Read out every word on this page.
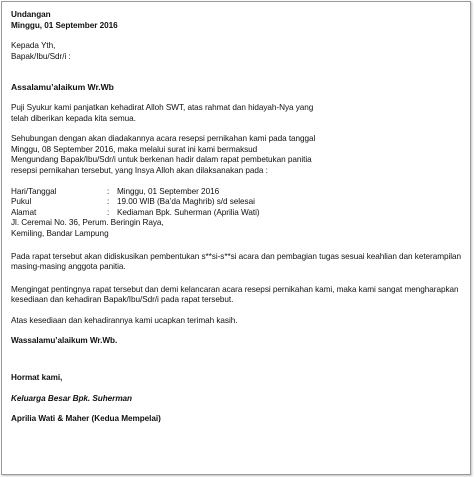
Undangan
Minggu, 01 September 2016
Kepada Yth,
Bapak/Ibu/Sdr/i :
Assalamu’alaikum Wr.Wb
Puji Syukur kami panjatkan kehadirat Alloh SWT, atas rahmat dan hidayah-Nya yang
telah diberikan kepada kita semua.
Sehubungan dengan akan diadakannya acara resepsi pernikahan kami pada tanggal
Minggu, 08 September 2016, maka melalui surat ini kami bermaksud
Mengundang Bapak/Ibu/Sdr/i untuk berkenan hadir dalam rapat pembetukan panitia
resepsi pernikahan tersebut, yang Insya Alloh akan dilaksanakan pada :
Hari/Tanggal	: Minggu, 01 September 2016
Pukul	: 19.00 WIB (Ba’da Maghrib) s/d selesai
Alamat	: Kediaman Bpk. Suherman (Aprilia Wati)
Jl. Ceremai No. 36, Perum. Beringin Raya,
Kemiling, Bandar Lampung
Pada rapat tersebut akan didiskusikan pembentukan s**si-s**si acara dan pembagian tugas sesuai keahlian dan keterampilan masing-masing anggota panitia.
Mengingat pentingnya rapat tersebut dan demi kelancaran acara resepsi pernikahan kami, maka kami sangat mengharapkan kesediaan dan kehadiran Bapak/Ibu/Sdr/i pada rapat tersebut.
Atas kesediaan dan kehadirannya kami ucapkan terimah kasih.
Wassalamu’alaikum Wr.Wb.
Hormat kami,
Keluarga Besar Bpk. Suherman
Aprilia Wati & Maher (Kedua Mempelai)
